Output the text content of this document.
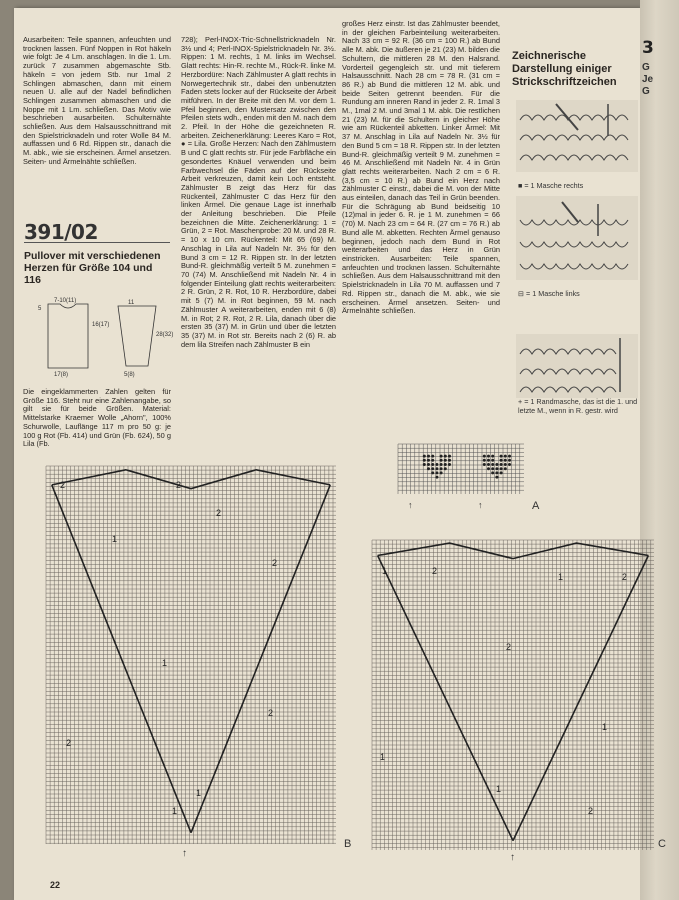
3
G
Je
G
Ausarbeiten: Teile spannen, anfeuchten und trocknen lassen. Fünf Noppen in Rot häkeln wie folgt: Je 4 Lm. anschlagen. In die 1. Lm. zurück 7 zusammen abgemaschte Stb. häkeln = von jedem Stb. nur 1mal 2 Schlingen abmaschen, dann mit einem neuen U. alle auf der Nadel befindlichen Schlingen zusammen abmaschen und die Noppe mit 1 Lm. schließen. Das Motiv wie beschrieben ausarbeiten. Schulternähte schließen. Aus dem Halsausschnittrand mit den Spielstricknadeln und roter Wolle 84 M. auffassen und 6 Rd. Rippen str., danach die M. abk., wie sie erscheinen. Ärmel ansetzen. Seiten- und Ärmelnähte schließen.
391/02
Pullover mit verschiedenen Herzen für Größe 104 und 116
7-10(11)
5
16(17)
28(32)
17(8)	5(8)
11
Die eingeklammerten Zahlen gelten für Größe 116. Steht nur eine Zahlenangabe, so gilt sie für beide Größen. Material: Mittelstarke Kraemer Wolle „Ahorn", 100% Schurwolle, Lauflänge 117 m pro 50 g: je 100 g Rot (Fb. 414) und Grün (Fb. 624), 50 g Lila (Fb.
728); Perl-INOX-Tric-Schnellstricknadeln Nr. 3½ und 4; Perl-INOX-Spielstricknadeln Nr. 3½. Rippen: 1 M. rechts, 1 M. links im Wechsel. Glatt rechts: Hin-R. rechte M., Rück-R. linke M. Herzbordüre: Nach Zählmuster A glatt rechts in Norwegertechnik str., dabei den unbenutzten Faden stets locker auf der Rückseite der Arbeit mitführen. In der Breite mit den M. vor dem 1. Pfeil beginnen, den Mustersatz zwischen den Pfeilen stets wdh., enden mit den M. nach dem 2. Pfeil. In der Höhe die gezeichneten R. arbeiten. Zeichenerklärung: Leeres Karo = Rot, ● = Lila. Große Herzen: Nach den Zählmustern B und C glatt rechts str. Für jede Farbfläche ein gesondertes Knäuel verwenden und beim Farbwechsel die Fäden auf der Rückseite Arbeit verkreuzen, damit kein Loch entsteht. Zählmuster B zeigt das Herz für das Rückenteil, Zählmuster C das Herz für den linken Ärmel. Die genaue Lage ist innerhalb der Anleitung beschrieben. Die Pfeile bezeichnen die Mitte. Zeichenerklärung: 1 = Grün, 2 = Rot. Maschenprobe: 20 M. und 28 R. = 10 x 10 cm. Rückenteil: Mit 65 (69) M. Anschlag in Lila auf Nadeln Nr. 3½ für den Bund 3 cm = 12 R. Rippen str. In der letzten Bund-R. gleichmäßig verteilt 5 M. zunehmen = 70 (74) M. Anschließend mit Nadeln Nr. 4 in folgender Einteilung glatt rechts weiterarbeiten: 2 R. Grün, 2 R. Rot, 10 R. Herzbordüre, dabei mit 5 (7) M. in Rot beginnen, 59 M. nach Zählmuster A weiterarbeiten, enden mit 6 (8) M. in Rot; 2 R. Rot, 2 R. Lila, danach über die ersten 35 (37) M. in Grün und über die letzten 35 (37) M. in Rot str. Bereits nach 2 (6) R. ab dem lila Streifen nach Zählmuster B ein
großes Herz einstr. Ist das Zählmuster beendet, in der gleichen Farbeinteilung weiterarbeiten. Nach 33 cm = 92 R. (36 cm = 100 R.) ab Bund alle M. abk. Die äußeren je 21 (23) M. bilden die Schultern, die mittleren 28 M. den Halsrand. Vorderteil gegengleich str. und mit tieferem Halsausschnitt. Nach 28 cm = 78 R. (31 cm = 86 R.) ab Bund die mittleren 12 M. abk. und beide Seiten getrennt beenden. Für die Rundung am inneren Rand in jeder 2. R. 1mal 3 M., 1mal 2 M. und 3mal 1 M. abk. Die restlichen 21 (23) M. für die Schultern in gleicher Höhe wie am Rückenteil abketten. Linker Ärmel: Mit 37 M. Anschlag in Lila auf Nadeln Nr. 3½ für den Bund 5 cm = 18 R. Rippen str. In der letzten Bund-R. gleichmäßig verteilt 9 M. zunehmen = 46 M. Anschließend mit Nadeln Nr. 4 in Grün glatt rechts weiterarbeiten. Nach 2 cm = 6 R. (3,5 cm = 10 R.) ab Bund ein Herz nach Zählmuster C einstr., dabei die M. von der Mitte aus einteilen, danach das Teil in Grün beenden. Für die Schrägung ab Bund beidseitig 10 (12)mal in jeder 6. R. je 1 M. zunehmen = 66 (70) M. Nach 23 cm = 64 R. (27 cm = 76 R.) ab Bund alle M. abketten. Rechten Ärmel genauso beginnen, jedoch nach dem Bund in Rot weiterarbeiten und das Herz in Grün einstricken. Ausarbeiten: Teile spannen, anfeuchten und trocknen lassen. Schulternähte schließen. Aus dem Halsausschnittrand mit den Spielstricknadeln in Lila 70 M. auffassen und 7 Rd. Rippen str., danach die M. abk., wie sie erscheinen. Ärmel ansetzen. Seiten- und Ärmelnähte schließen.
Zeichnerische Darstellung einiger Strickschriftzeichen
■ = 1 Masche rechts
⊟ = 1 Masche links
+ = 1 Randmasche, das ist die 1. und letzte M., wenn in R. gestr. wird
A
↑	↑
2	2
1
2
2
1
2
1
2
1
B
↑
1	2
1	2
2
1
1
2
1
C
↑
22
